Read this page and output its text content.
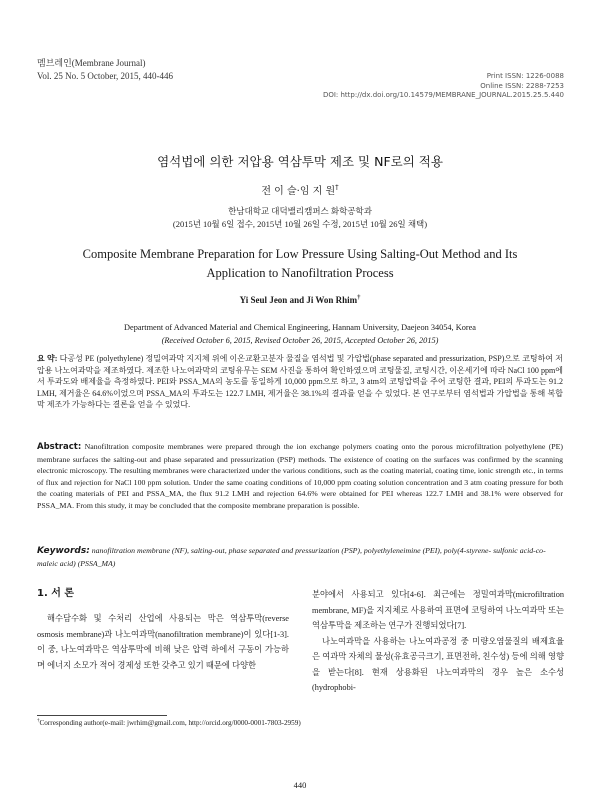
멤브레인(Membrane Journal)
Vol. 25 No. 5 October, 2015, 440-446	Print ISSN: 1226-0088
Online ISSN: 2288-7253
DOI: http://dx.doi.org/10.14579/MEMBRANE_JOURNAL.2015.25.5.440
염석법에 의한 저압용 역삼투막 제조 및 NF로의 적용
전 이 슬·임 지 원†
한남대학교 대덕밸리캠퍼스 화학공학과
(2015년 10월 6일 접수, 2015년 10월 26일 수정, 2015년 10월 26일 채택)
Composite Membrane Preparation for Low Pressure Using Salting-Out Method and Its Application to Nanofiltration Process
Yi Seul Jeon and Ji Won Rhim†
Department of Advanced Material and Chemical Engineering, Hannam University, Daejeon 34054, Korea
(Received October 6, 2015, Revised October 26, 2015, Accepted October 26, 2015)
요 약: 다공성 PE (polyethylene) 정밀여과막 지지체 위에 이온교환고분자 물질을 염석법 및 가압법(phase separated and pressurization, PSP)으로 코팅하여 저압용 나노여과막을 제조하였다. 제조한 나노여과막의 코팅유무는 SEM 사진을 통하여 확인하였으며 코팅물질, 코팅시간, 이온세기에 따라 NaCl 100 ppm에서 투과도와 배제율을 측정하였다. PEI와 PSSA_MA의 농도를 동일하게 10,000 ppm으로 하고, 3 atm의 코팅압력을 주어 코팅한 결과, PEI의 투과도는 91.2 LMH, 제거율은 64.6%이었으며 PSSA_MA의 투과도는 122.7 LMH, 제거율은 38.1%의 결과를 얻을 수 있었다. 본 연구로부터 염석법과 가압법을 통해 복합막 제조가 가능하다는 결론을 얻을 수 있었다.
Abstract: Nanofiltration composite membranes were prepared through the ion exchange polymers coating onto the porous microfiltration polyethylene (PE) membrane surfaces the salting-out and phase separated and pressurization (PSP) methods. The existence of coating on the surfaces was confirmed by the scanning electronic microscopy. The resulting membranes were characterized under the various conditions, such as the coating material, coating time, ionic strength etc., in terms of flux and rejection for NaCl 100 ppm solution. Under the same coating conditions of 10,000 ppm coating solution concentration and 3 atm coating pressure for both the coating materials of PEI and PSSA_MA, the flux 91.2 LMH and rejection 64.6% were obtained for PEI whereas 122.7 LMH and 38.1% were observed for PSSA_MA. From this study, it may be concluded that the composite membrane preparation is possible.
Keywords: nanofiltration membrane (NF), salting-out, phase separated and pressurization (PSP), polyethyleneimine (PEI), poly(4-styrene- sulfonic acid-co-maleic acid) (PSSA_MA)
1. 서 론

해수담수화 및 수처리 산업에 사용되는 막은 역삼투막(reverse osmosis membrane)과 나노여과막(nanofiltration membrane)이 있다[1-3]. 이 중, 나노여과막은 역삼투막에 비해 낮은 압력 하에서 구동이 가능하며 에너지 소모가 적어 경제성 또한 갖추고 있기 때문에 다양한

분야에서 사용되고 있다[4-6]. 최근에는 정밀여과막(microfiltration membrane, MF)을 지지체로 사용하여 표면에 코팅하여 나노여과막 또는 역삼투막을 제조하는 연구가 진행되었다[7].

나노여과막을 사용하는 나노여과공정 중 미량오염물질의 배제효율은 여과막 자체의 물성(유효공극크기, 표면전하, 친수성) 등에 의해 영향을 받는다[8]. 현재 상용화된 나노여과막의 경우 높은 소수성(hydrophobi-

†Corresponding author(e-mail: jwrhim@gmail.com, http://orcid.org/0000-0001-7803-2959)
440
